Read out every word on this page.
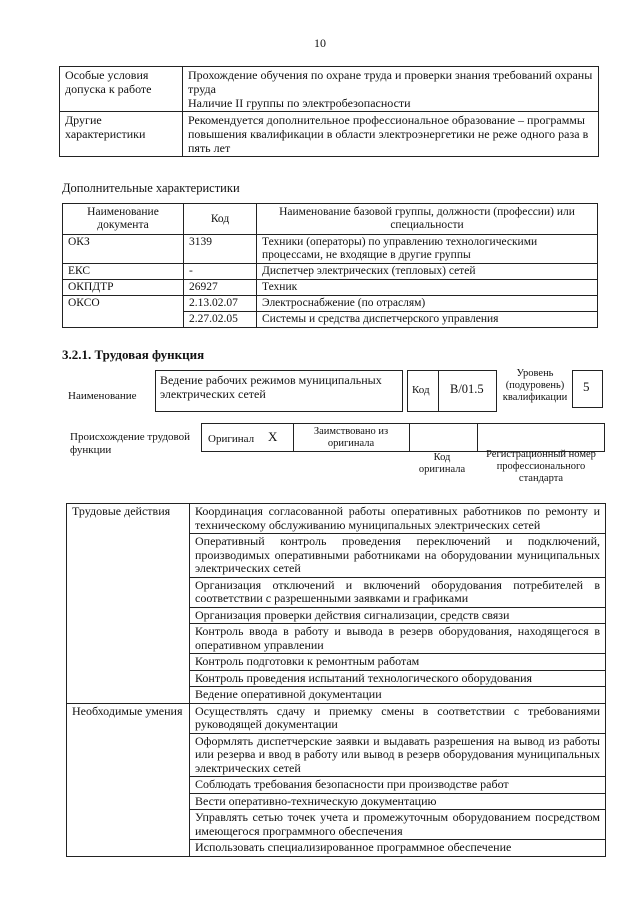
10
Особые условия допуска к работе	Прохождение обучения по охране труда и проверки знания требований охраны труда
Наличие II группы по электробезопасности

Другие характеристики	Рекомендуется дополнительное профессиональное образование – программы повышения квалификации в области электроэнергетики не реже одного раза в пять лет
Дополнительные характеристики
Наименование документа	Код	Наименование базовой группы, должности (профессии) или специальности
ОКЗ	3139	Техники (операторы) по управлению технологическими процессами, не входящие в другие группы
ЕКС	-	Диспетчер электрических (тепловых) сетей
ОКПДТР	26927	Техник
ОКСО	2.13.02.07	Электроснабжение (по отраслям)
	2.27.02.05	Системы и средства диспетчерского управления
3.2.1. Трудовая функция
Наименование
Ведение рабочих режимов муниципальных электрических сетей	Код B/01.5
Уровень (подуровень) квалификации
5
Происхождение трудовой функции
Оригинал X	Заимствовано из оригинала
Код оригинала
Регистрационный номер профессионального стандарта
Трудовые действия	Координация согласованной работы оперативных работников по ремонту и техническому обслуживанию муниципальных электрических сетей
	Оперативный контроль проведения переключений и подключений, производимых оперативными работниками на оборудовании муниципальных электрических сетей
	Организация отключений и включений оборудования потребителей в соответствии с разрешенными заявками и графиками
	Организация проверки действия сигнализации, средств связи
	Контроль ввода в работу и вывода в резерв оборудования, находящегося в оперативном управлении
	Контроль подготовки к ремонтным работам
	Контроль проведения испытаний технологического оборудования
	Ведение оперативной документации
Необходимые умения	Осуществлять сдачу и приемку смены в соответствии с требованиями руководящей документации
	Оформлять диспетчерские заявки и выдавать разрешения на вывод из работы или резерва и ввод в работу или вывод в резерв оборудования муниципальных электрических сетей
	Соблюдать требования безопасности при производстве работ
	Вести оперативно-техническую документацию
	Управлять сетью точек учета и промежуточным оборудованием посредством имеющегося программного обеспечения
	Использовать специализированное программное обеспечение
